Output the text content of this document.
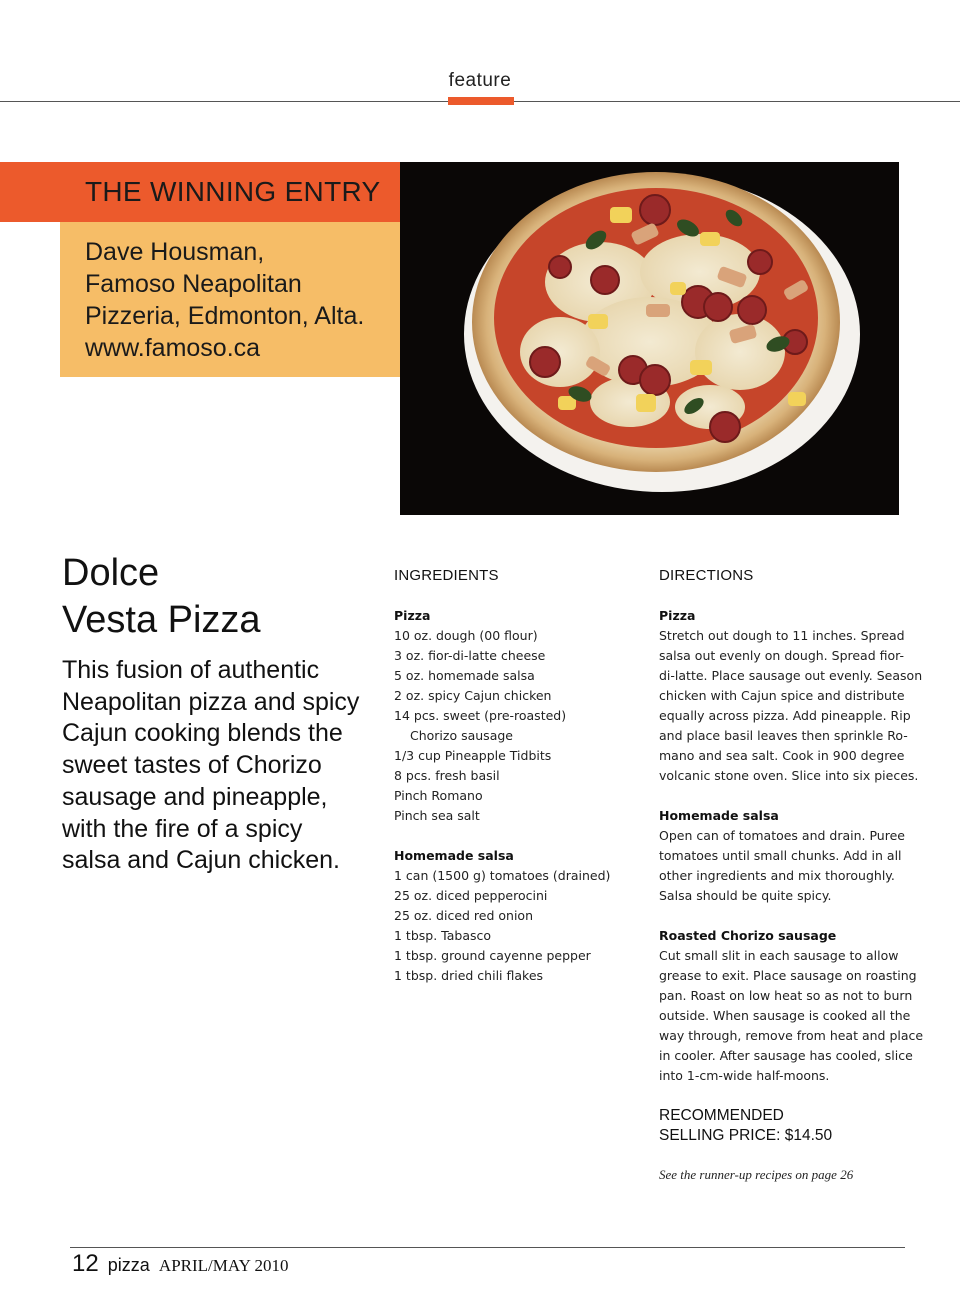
feature
THE WINNING ENTRY
Dave Housman,
Famoso Neapolitan
Pizzeria, Edmonton, Alta.
www.famoso.ca
Dolce
Vesta Pizza
This fusion of authentic Neapolitan pizza and spicy Cajun cooking blends the sweet tastes of Chorizo sausage and pineapple, with the fire of a spicy salsa and Cajun chicken.
INGREDIENTS
Pizza
10 oz. dough (00 flour)
3 oz. fior-di-latte cheese
5 oz. homemade salsa
2 oz. spicy Cajun chicken
14 pcs. sweet (pre-roasted)
Chorizo sausage
1/3 cup Pineapple Tidbits
8 pcs. fresh basil
Pinch Romano
Pinch sea salt
Homemade salsa
1 can (1500 g) tomatoes (drained)
25 oz. diced pepperocini
25 oz. diced red onion
1 tbsp. Tabasco
1 tbsp. ground cayenne pepper
1 tbsp. dried chili flakes
DIRECTIONS
Pizza
Stretch out dough to 11 inches. Spread
salsa out evenly on dough. Spread fior-
di-latte. Place sausage out evenly. Season
chicken with Cajun spice and distribute
equally across pizza. Add pineapple. Rip
and place basil leaves then sprinkle Ro-
mano and sea salt. Cook in 900 degree
volcanic stone oven. Slice into six pieces.
Homemade salsa
Open can of tomatoes and drain. Puree
tomatoes until small chunks. Add in all
other ingredients and mix thoroughly.
Salsa should be quite spicy.
Roasted Chorizo sausage
Cut small slit in each sausage to allow
grease to exit. Place sausage on roasting
pan. Roast on low heat so as not to burn
outside. When sausage is cooked all the
way through, remove from heat and place
in cooler. After sausage has cooled, slice
into 1-cm-wide half-moons.
RECOMMENDED
SELLING PRICE: $14.50
See the runner-up recipes on page 26
12 pizza APRIL/MAY 2010
